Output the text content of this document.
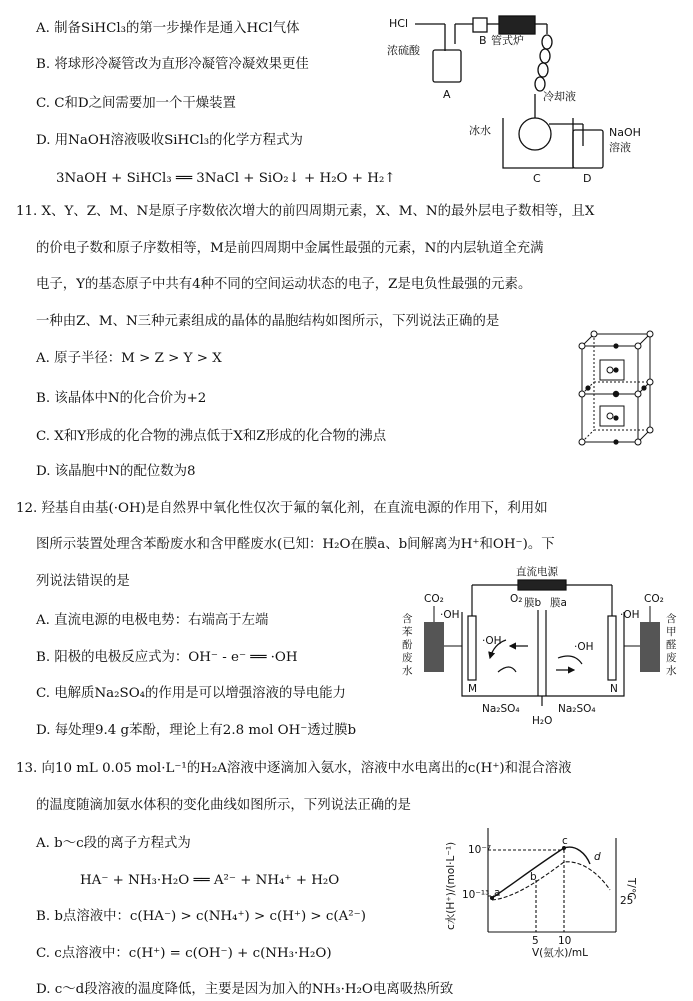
A. 制备SiHCl₃的第一步操作是通入HCl气体
B. 将球形冷凝管改为直形冷凝管冷凝效果更佳
C. C和D之间需要加一个干燥装置
D. 用NaOH溶液吸收SiHCl₃的化学方程式为
3NaOH + SiHCl₃ ══ 3NaCl + SiO₂↓ + H₂O + H₂↑
HCl
浓硫酸
B 管式炉
冷却液
冰水	NaOH
溶液
A
C	D
11. X、Y、Z、M、N是原子序数依次增大的前四周期元素，X、M、N的最外层电子数相等，且X
的价电子数和原子序数相等，M是前四周期中金属性最强的元素，N的内层轨道全充满
电子，Y的基态原子中共有4种不同的空间运动状态的电子，Z是电负性最强的元素。
一种由Z、M、N三种元素组成的晶体的晶胞结构如图所示，下列说法正确的是
A. 原子半径：M > Z > Y > X
B. 该晶体中N的化合价为+2
C. X和Y形成的化合物的沸点低于X和Z形成的化合物的沸点
D. 该晶胞中N的配位数为8
12. 羟基自由基(·OH)是自然界中氧化性仅次于氟的氧化剂，在直流电源的作用下，利用如
图所示装置处理含苯酚废水和含甲醛废水(已知：H₂O在膜a、b间解离为H⁺和OH⁻)。下
列说法错误的是
A. 直流电源的电极电势：右端高于左端
B. 阳极的电极反应式为：OH⁻ - e⁻ ══ ·OH
C. 电解质Na₂SO₄的作用是可以增强溶液的导电能力
D. 每处理9.4 g苯酚，理论上有2.8 mol OH⁻透过膜b
直流电源
CO₂	CO₂
·OH	·OH
O₂ 膜b 膜a
·OH	·OH
M	N
Na₂SO₄	Na₂SO₄
H₂O
含苯酚废水
含甲醛废水
13. 向10 mL 0.05 mol·L⁻¹的H₂A溶液中逐滴加入氨水，溶液中水电离出的c(H⁺)和混合溶液
的温度随滴加氨水体积的变化曲线如图所示，下列说法正确的是
A. b～c段的离子方程式为
HA⁻ + NH₃·H₂O ══ A²⁻ + NH₄⁺ + H₂O
B. b点溶液中：c(HA⁻) > c(NH₄⁺) > c(H⁺) > c(A²⁻)
C. c点溶液中：c(H⁺) = c(OH⁻) + c(NH₃·H₂O)
D. c～d段溶液的温度降低，主要是因为加入的NH₃·H₂O电离吸热所致
10⁻⁷
10⁻¹³
5 10
V(氨水)/mL
25
a
b
c
d
c水(H⁺)/(mol·L⁻¹)	T/℃
